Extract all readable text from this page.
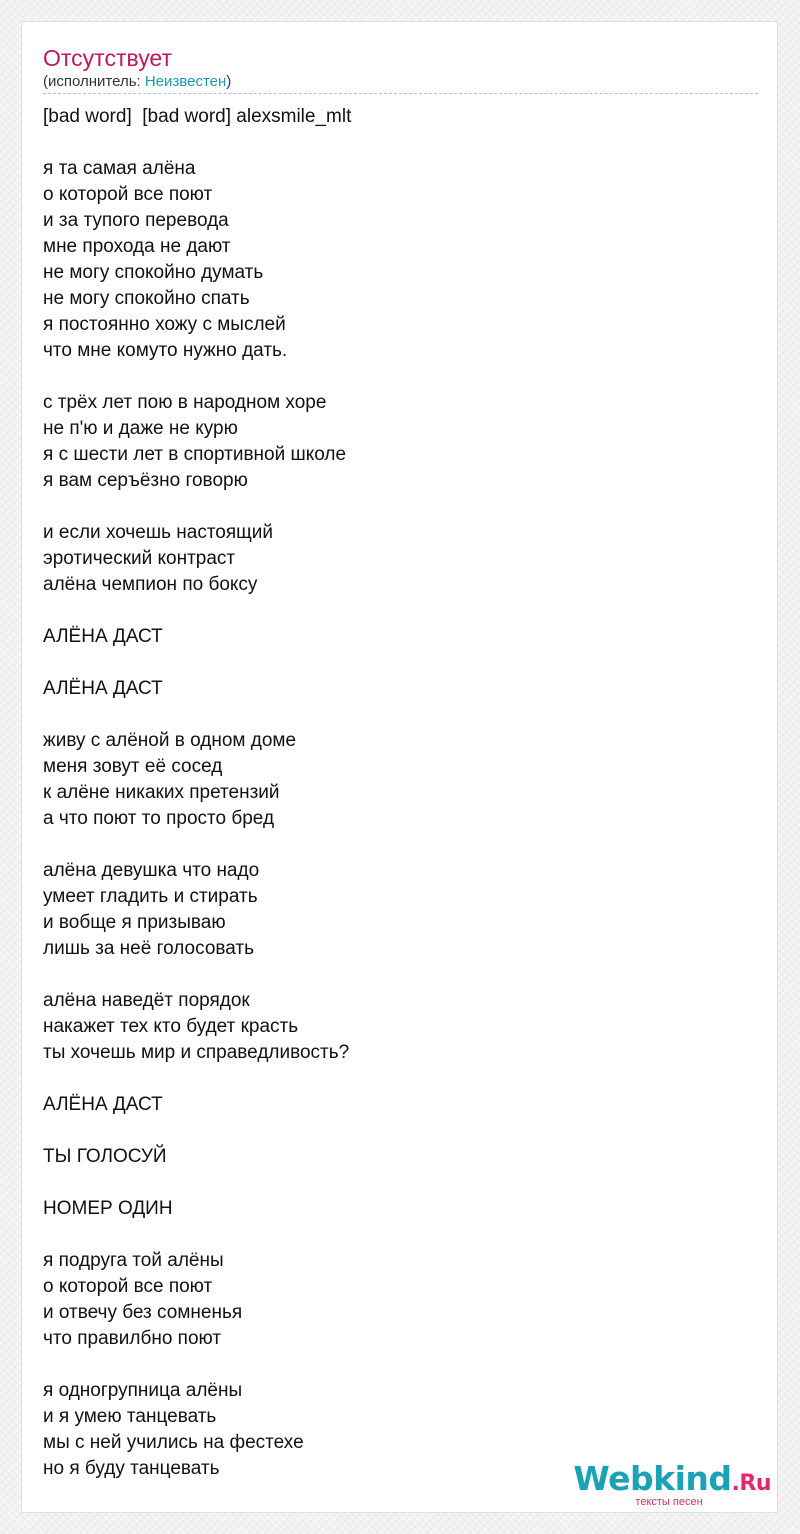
Отсутствует
(исполнитель: Неизвестен)
[bad word]  [bad word] alexsmile_mlt
я та самая алёна
о которой все поют
и за тупого перевода
мне прохода не дают
не могу спокойно думать
не могу спокойно спать
я постоянно хожу с мыслей
что мне комуто нужно дать.
с трёх лет пою в народном хоре
не п'ю и даже не курю
я с шести лет в спортивной школе
я вам серъёзно говорю
и если хочешь настоящий
эротический контраст
алёна чемпион по боксу
АЛЁНА ДАСТ
АЛЁНА ДАСТ
живу с алёной в одном доме
меня зовут её сосед
к алёне никаких претензий
а что поют то просто бред
алёна девушка что надо
умеет гладить и стирать
и вобще я призываю
лишь за неё голосовать
алёна наведёт порядок
накажет тех кто будет красть
ты хочешь мир и справедливость?
АЛЁНА ДАСТ
ТЫ ГОЛОСУЙ
НОМЕР ОДИН
я подруга той алёны
о которой все поют
и отвечу без сомненья
что правилбно поют
я одногрупница алёны
и я умею танцевать
мы с ней учились на фестехе
но я буду танцевать	Webkind.Ru
тексты песен
